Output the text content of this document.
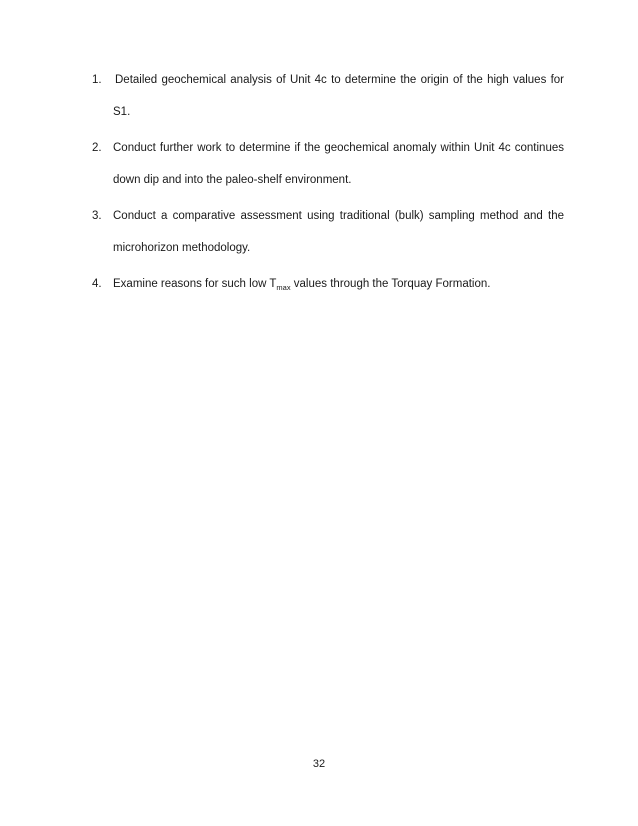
1. Detailed geochemical analysis of Unit 4c to determine the origin of the high values for S1.
2. Conduct further work to determine if the geochemical anomaly within Unit 4c continues down dip and into the paleo-shelf environment.
3. Conduct a comparative assessment using traditional (bulk) sampling method and the microhorizon methodology.
4. Examine reasons for such low $T_{max}$ values through the Torquay Formation.
32
